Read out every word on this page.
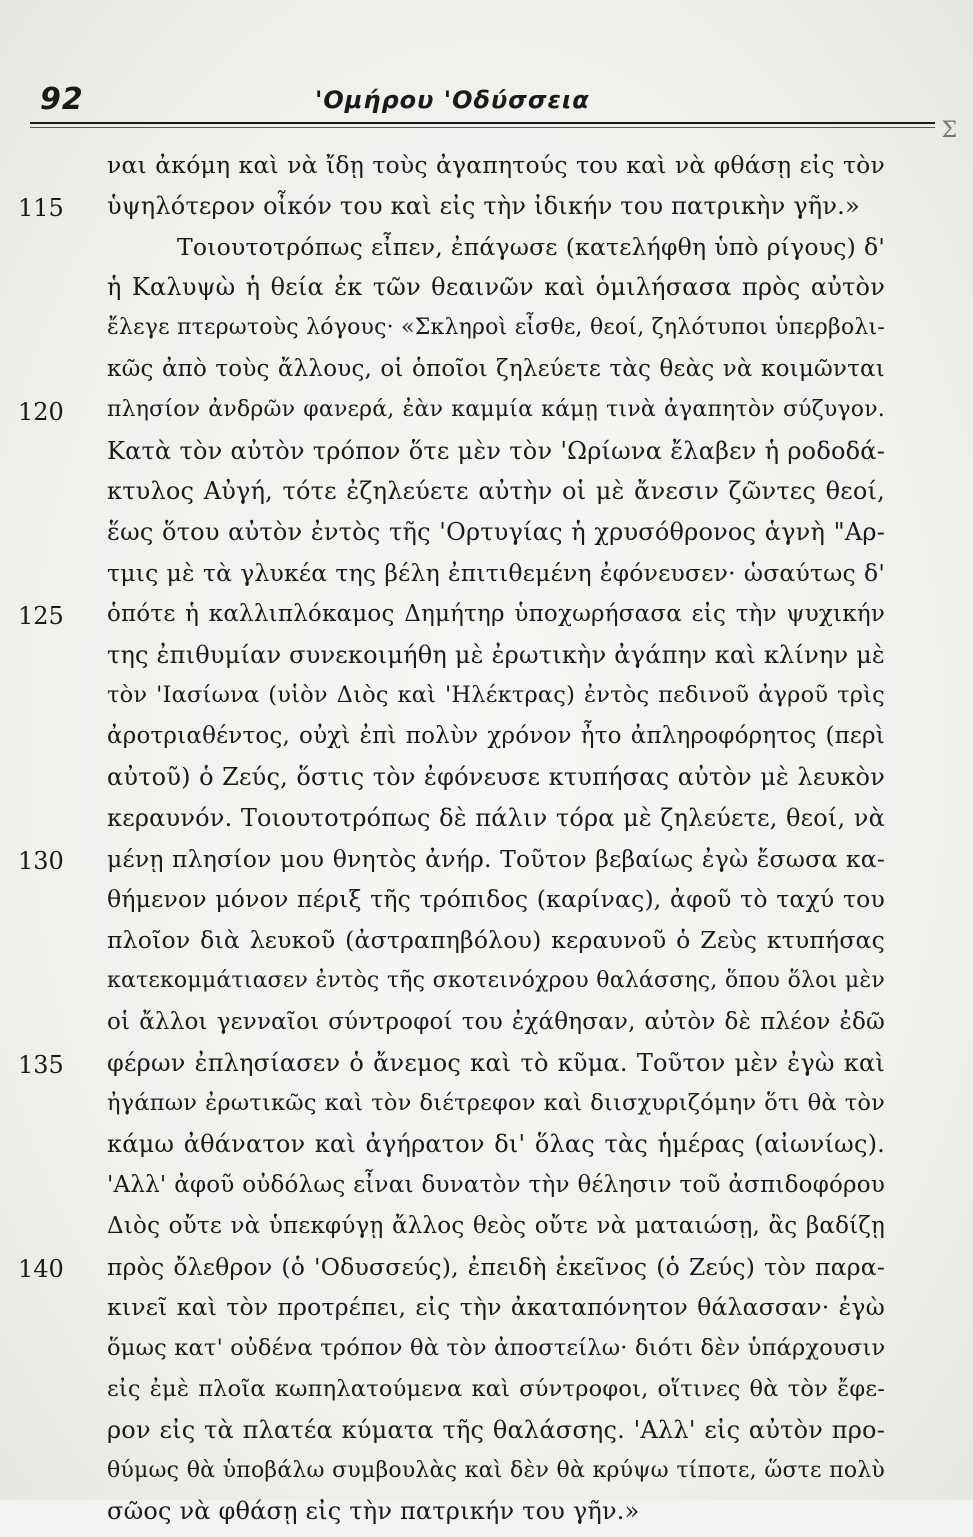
92	'Ομήρου 'Οδύσσεια
Σ
ναι ἀκόμη καὶ νὰ ἴδῃ τοὺς ἀγαπητούς του καὶ νὰ φθάσῃ εἰς τὸν
115	ὑψηλότερον οἶκόν του καὶ εἰς τὴν ἰδικήν του πατρικὴν γῆν.»
Τοιουτοτρόπως εἶπεν, ἐπάγωσε (κατελήφθη ὑπὸ ρίγους) δ'
ἡ Καλυψὼ ἡ θεία ἐκ τῶν θεαινῶν καὶ ὁμιλήσασα πρὸς αὐτὸν
ἔλεγε πτερωτοὺς λόγους· «Σκληροὶ εἶσθε, θεοί, ζηλότυποι ὑπερβολι-
κῶς ἀπὸ τοὺς ἄλλους, οἱ ὁποῖοι ζηλεύετε τὰς θεὰς νὰ κοιμῶνται
120	πλησίον ἀνδρῶν φανερά, ἐὰν καμμία κάμῃ τινὰ ἀγαπητὸν σύζυγον.
Κατὰ τὸν αὐτὸν τρόπον ὅτε μὲν τὸν 'Ωρίωνα ἔλαβεν ἡ ροδοδά-
κτυλος Αὐγή, τότε ἐζηλεύετε αὐτὴν οἱ μὲ ἄνεσιν ζῶντες θεοί,
ἕως ὅτου αὐτὸν ἐντὸς τῆς 'Ορτυγίας ἡ χρυσόθρονος ἁγνὴ "Αρ-
τμις μὲ τὰ γλυκέα της βέλη ἐπιτιθεμένη ἐφόνευσεν· ὡσαύτως δ'
125	ὁπότε ἡ καλλιπλόκαμος Δημήτηρ ὑποχωρήσασα εἰς τὴν ψυχικήν
της ἐπιθυμίαν συνεκοιμήθη μὲ ἐρωτικὴν ἀγάπην καὶ κλίνην μὲ
τὸν 'Ιασίωνα (υἱὸν Διὸς καὶ 'Ηλέκτρας) ἐντὸς πεδινοῦ ἀγροῦ τρὶς
ἀροτριαθέντος, οὐχὶ ἐπὶ πολὺν χρόνον ἦτο ἀπληροφόρητος (περὶ
αὐτοῦ) ὁ Ζεύς, ὅστις τὸν ἐφόνευσε κτυπήσας αὐτὸν μὲ λευκὸν
κεραυνόν. Τοιουτοτρόπως δὲ πάλιν τόρα μὲ ζηλεύετε, θεοί, νὰ
130	μένῃ πλησίον μου θνητὸς ἀνήρ. Τοῦτον βεβαίως ἐγὼ ἔσωσα κα-
θήμενον μόνον πέριξ τῆς τρόπιδος (καρίνας), ἀφοῦ τὸ ταχύ του
πλοῖον διὰ λευκοῦ (ἀστραπηβόλου) κεραυνοῦ ὁ Ζεὺς κτυπήσας
κατεκομμάτιασεν ἐντὸς τῆς σκοτεινόχρου θαλάσσης, ὅπου ὅλοι μὲν
οἱ ἄλλοι γενναῖοι σύντροφοί του ἐχάθησαν, αὐτὸν δὲ πλέον ἐδῶ
135	φέρων ἐπλησίασεν ὁ ἄνεμος καὶ τὸ κῦμα. Τοῦτον μὲν ἐγὼ καὶ
ἠγάπων ἐρωτικῶς καὶ τὸν διέτρεφον καὶ διισχυριζόμην ὅτι θὰ τὸν
κάμω ἀθάνατον καὶ ἀγήρατον δι' ὅλας τὰς ἡμέρας (αἰωνίως).
'Αλλ' ἀφοῦ οὐδόλως εἶναι δυνατὸν τὴν θέλησιν τοῦ ἀσπιδοφόρου
Διὸς οὔτε νὰ ὑπεκφύγῃ ἄλλος θεὸς οὔτε νὰ ματαιώσῃ, ἂς βαδίζῃ
140	πρὸς ὄλεθρον (ὁ 'Οδυσσεύς), ἐπειδὴ ἐκεῖνος (ὁ Ζεύς) τὸν παρα-
κινεῖ καὶ τὸν προτρέπει, εἰς τὴν ἀκαταπόνητον θάλασσαν· ἐγὼ
ὅμως κατ' οὐδένα τρόπον θὰ τὸν ἀποστείλω· διότι δὲν ὑπάρχουσιν
εἰς ἐμὲ πλοῖα κωπηλατούμενα καὶ σύντροφοι, οἵτινες θὰ τὸν ἔφε-
ρον εἰς τὰ πλατέα κύματα τῆς θαλάσσης. 'Αλλ' εἰς αὐτὸν προ-
θύμως θὰ ὑποβάλω συμβουλὰς καὶ δὲν θὰ κρύψω τίποτε, ὥστε πολὺ
σῶος νὰ φθάσῃ εἰς τὴν πατρικήν του γῆν.»
